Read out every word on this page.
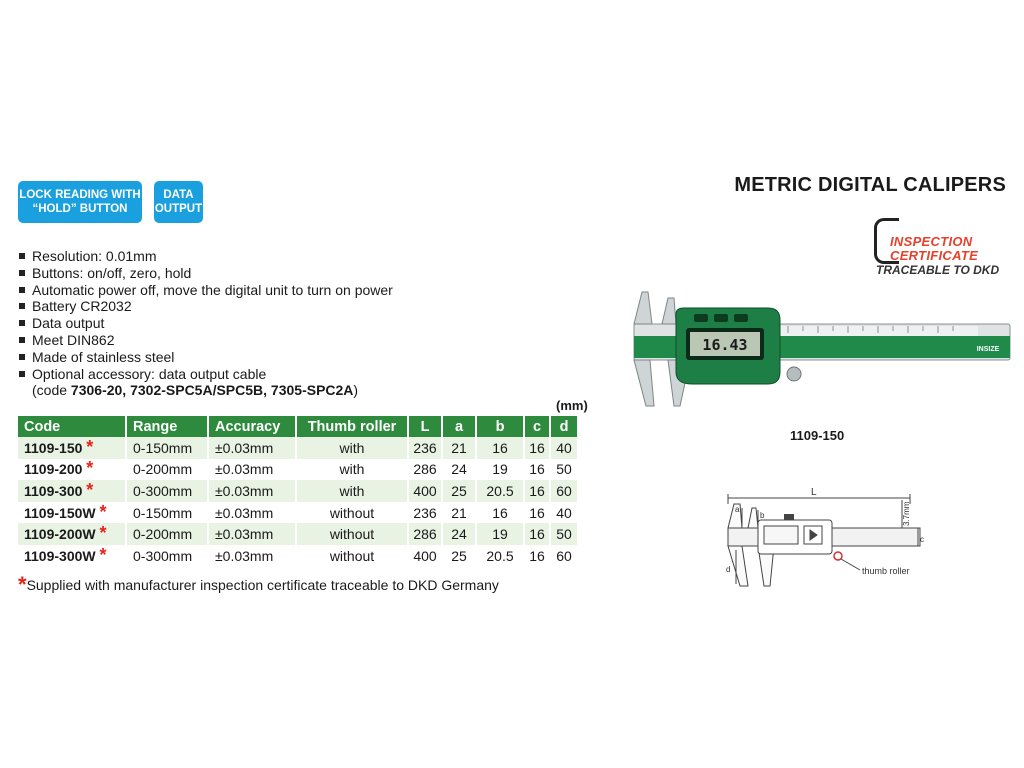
LOCK READING WITH
“HOLD” BUTTON
DATA
OUTPUT
METRIC DIGITAL CALIPERS
INSPECTION
CERTIFICATE
TRACEABLE TO DKD
Resolution: 0.01mm
Buttons: on/off, zero, hold
Automatic power off, move the digital unit to turn on power
Battery CR2032
Data output
Meet DIN862
Made of stainless steel
Optional accessory: data output cable
(code 7306-20, 7302-SPC5A/SPC5B, 7305-SPC2A)
(mm)
Code	Range	Accuracy	Thumb roller	L	a	b	c	d
1109-150 *	0-150mm	±0.03mm	with	236	21	16	16	40
1109-200 *	0-200mm	±0.03mm	with	286	24	19	16	50
1109-300 *	0-300mm	±0.03mm	with	400	25	20.5	16	60
1109-150W *	0-150mm	±0.03mm	without	236	21	16	16	40
1109-200W *	0-200mm	±0.03mm	without	286	24	19	16	50
1109-300W *	0-300mm	±0.03mm	without	400	25	20.5	16	60
*Supplied with manufacturer inspection certificate traceable to DKD Germany
16.43	INSIZE
1109-150
L
a
b
c
d
3.7mm
thumb roller
